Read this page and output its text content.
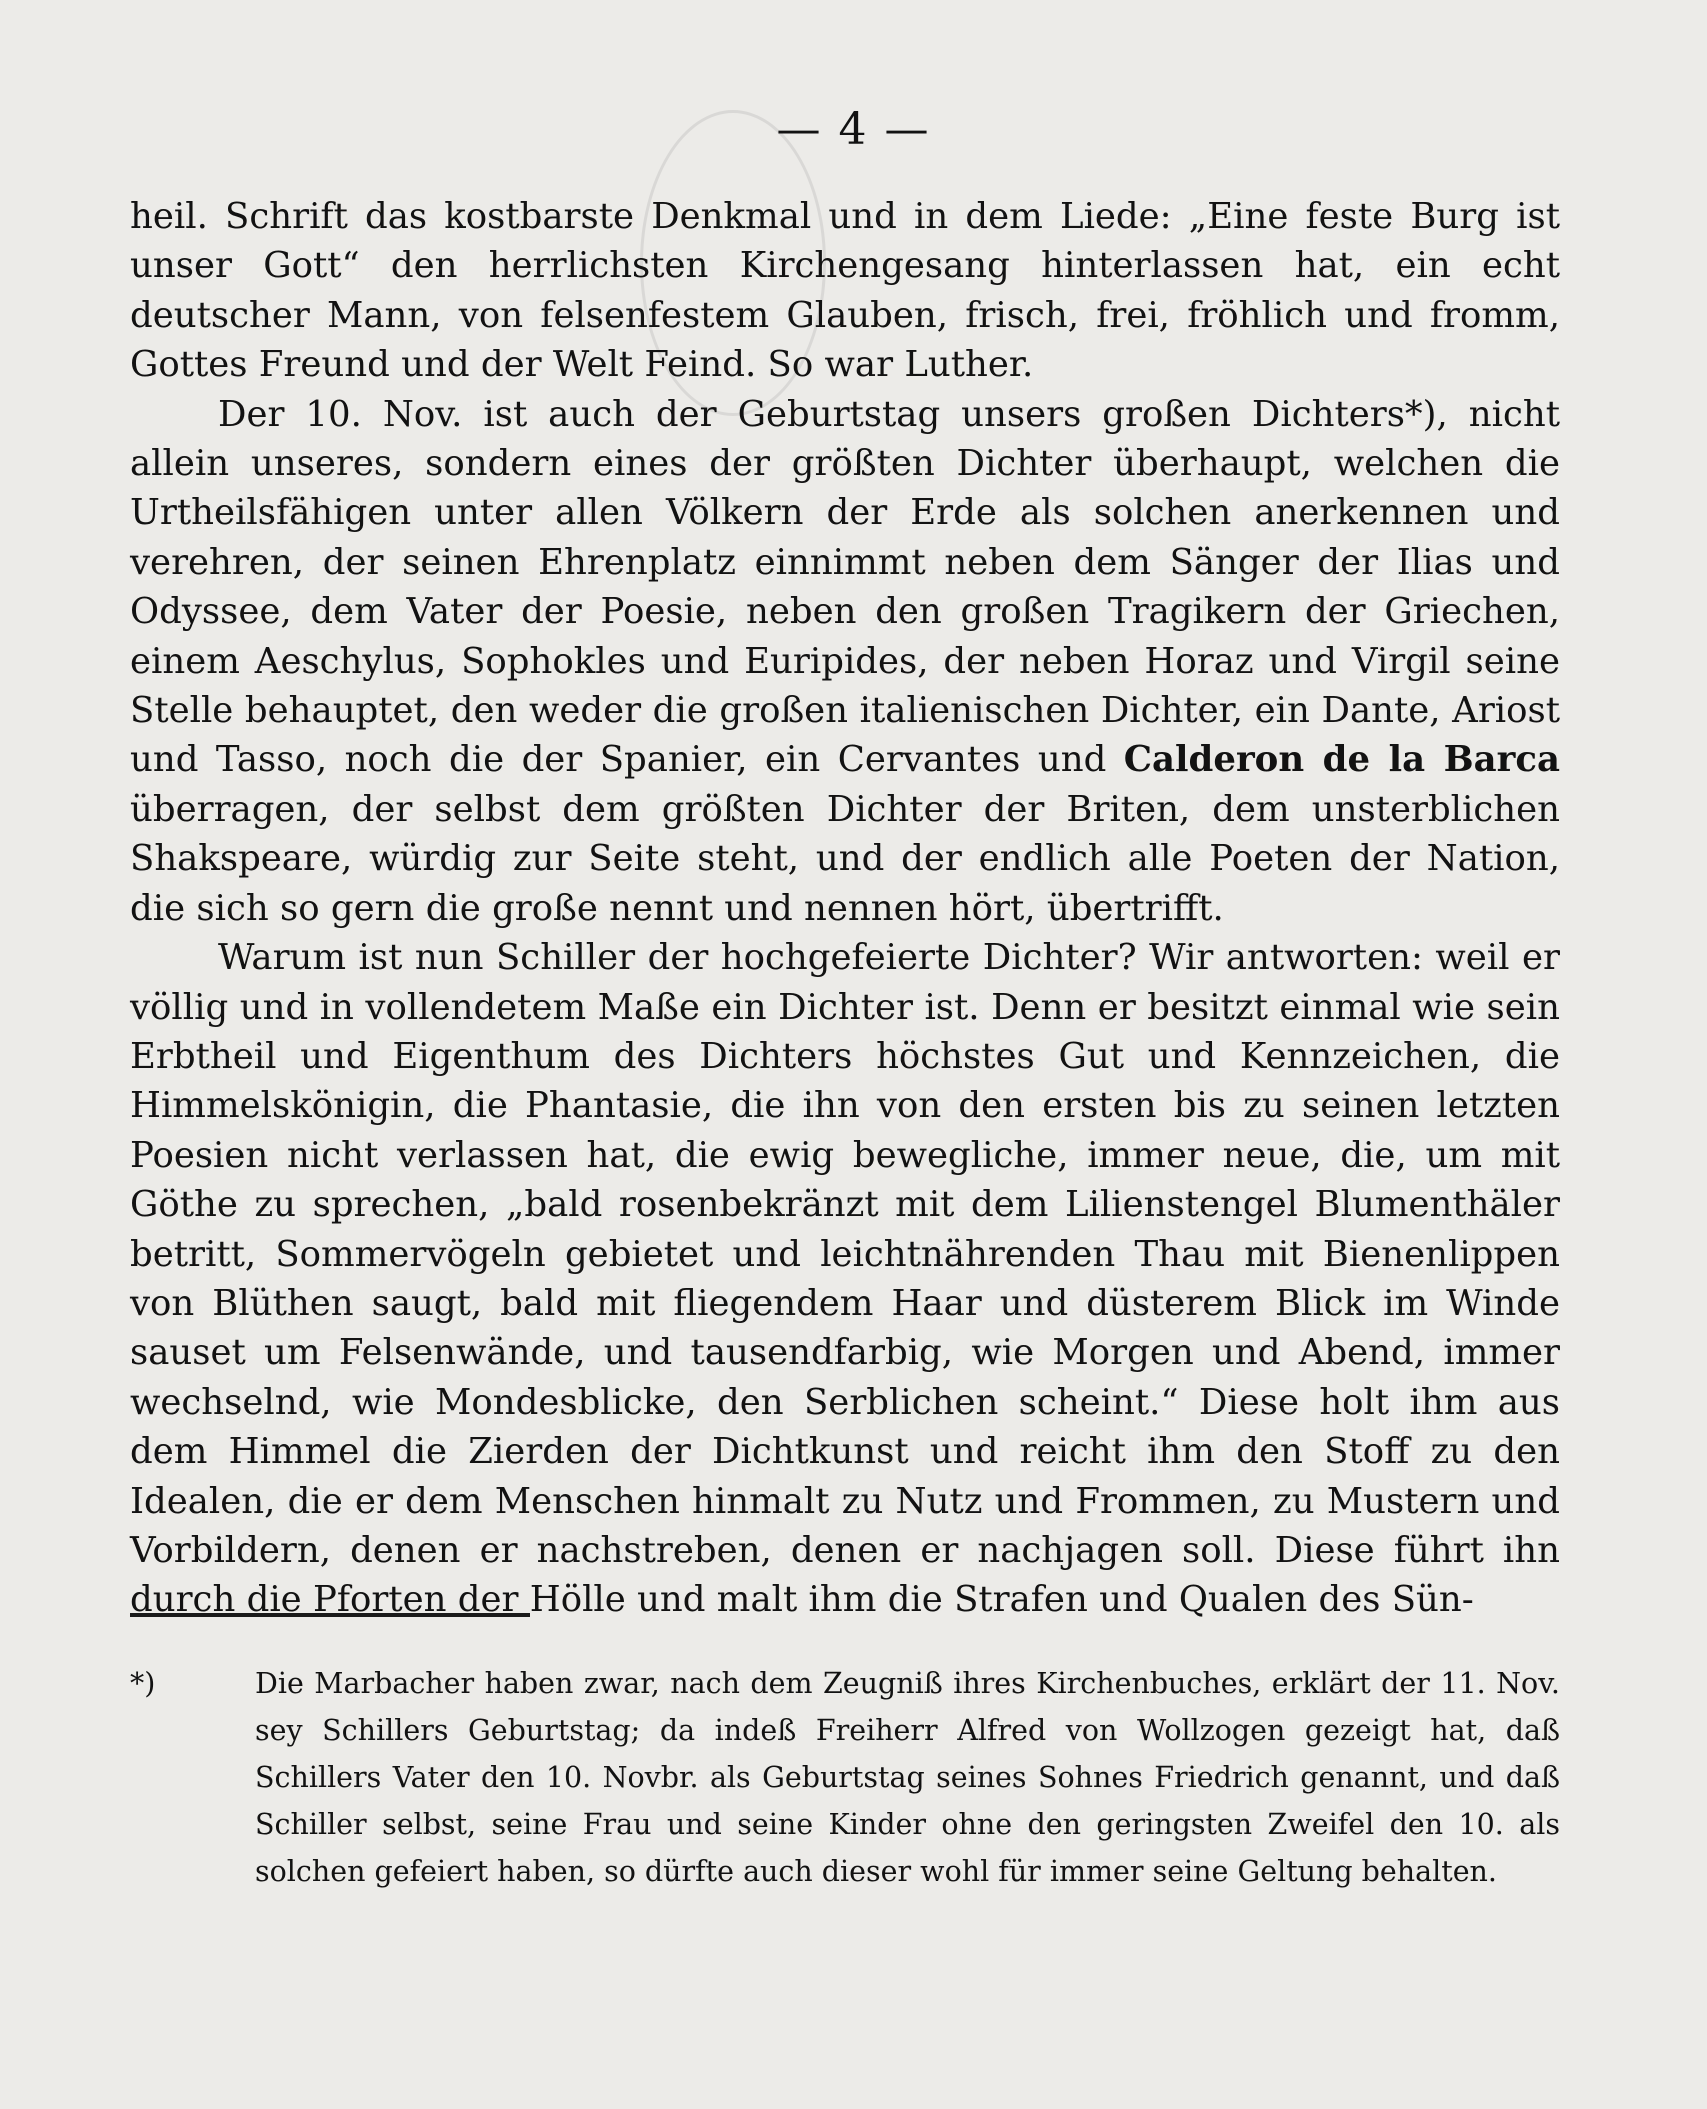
— 4 —

heil. Schrift das kostbarste Denkmal und in dem Liede: „Eine feste Burg ist unser Gott“ den herrlichsten Kirchengesang hinterlassen hat, ein echt deutscher Mann, von felsenfestem Glauben, frisch, frei, fröhlich und fromm, Gottes Freund und der Welt Feind. So war Luther.

Der 10. Nov. ist auch der Geburtstag unsers großen Dichters*), nicht allein unseres, sondern eines der größten Dichter überhaupt, welchen die Urtheilsfähigen unter allen Völkern der Erde als solchen anerkennen und verehren, der seinen Ehrenplatz einnimmt neben dem Sänger der Ilias und Odyssee, dem Vater der Poesie, neben den großen Tragikern der Griechen, einem Aeschylus, Sophokles und Euripides, der neben Horaz und Virgil seine Stelle behauptet, den weder die großen italienischen Dichter, ein Dante, Ariost und Tasso, noch die der Spanier, ein Cervantes und Calderon de la Barca überragen, der selbst dem größten Dichter der Briten, dem unsterblichen Shakspeare, würdig zur Seite steht, und der endlich alle Poeten der Nation, die sich so gern die große nennt und nennen hört, übertrifft.

Warum ist nun Schiller der hochgefeierte Dichter? Wir antworten: weil er völlig und in vollendetem Maße ein Dichter ist. Denn er besitzt einmal wie sein Erbtheil und Eigenthum des Dichters höchstes Gut und Kennzeichen, die Himmelskönigin, die Phantasie, die ihn von den ersten bis zu seinen letzten Poesien nicht verlassen hat, die ewig bewegliche, immer neue, die, um mit Göthe zu sprechen, „bald rosenbekränzt mit dem Lilienstengel Blumenthäler betritt, Sommervögeln gebietet und leichtnährenden Thau mit Bienenlippen von Blüthen saugt, bald mit fliegendem Haar und düsterem Blick im Winde sauset um Felsenwände, und tausendfarbig, wie Morgen und Abend, immer wechselnd, wie Mondesblicke, den Serblichen scheint.“ Diese holt ihm aus dem Himmel die Zierden der Dichtkunst und reicht ihm den Stoff zu den Idealen, die er dem Menschen hinmalt zu Nutz und Frommen, zu Mustern und Vorbildern, denen er nachstreben, denen er nachjagen soll. Diese führt ihn durch die Pforten der Hölle und malt ihm die Strafen und Qualen des Sün-

*)	Die Marbacher haben zwar, nach dem Zeugniß ihres Kirchenbuches, erklärt der 11. Nov. sey Schillers Geburtstag; da indeß Freiherr Alfred von Wollzogen gezeigt hat, daß Schillers Vater den 10. Novbr. als Geburtstag seines Sohnes Friedrich genannt, und daß Schiller selbst, seine Frau und seine Kinder ohne den geringsten Zweifel den 10. als solchen gefeiert haben, so dürfte auch dieser wohl für immer seine Geltung behalten.
